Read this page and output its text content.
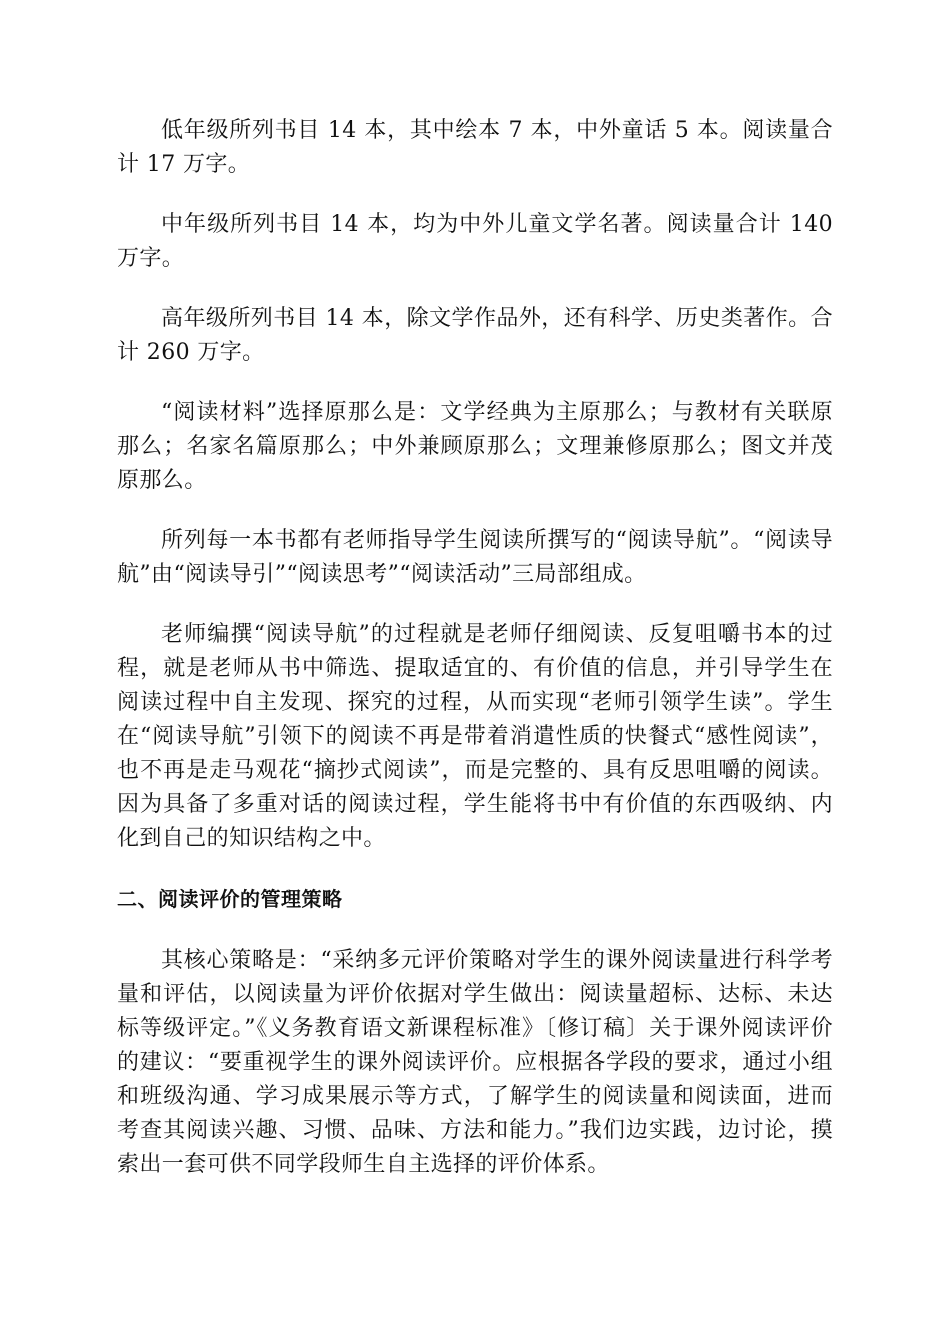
低年级所列书目 14 本，其中绘本 7 本，中外童话 5 本。阅读量合计 17 万字。

中年级所列书目 14 本，均为中外儿童文学名著。阅读量合计 140 万字。

高年级所列书目 14 本，除文学作品外，还有科学、历史类著作。合计 260 万字。

“阅读材料”选择原那么是：文学经典为主原那么；与教材有关联原那么；名家名篇原那么；中外兼顾原那么；文理兼修原那么；图文并茂原那么。

所列每一本书都有老师指导学生阅读所撰写的“阅读导航”。“阅读导航”由“阅读导引”“阅读思考”“阅读活动”三局部组成。

老师编撰“阅读导航”的过程就是老师仔细阅读、反复咀嚼书本的过程，就是老师从书中筛选、提取适宜的、有价值的信息，并引导学生在阅读过程中自主发现、探究的过程，从而实现“老师引领学生读”。学生在“阅读导航”引领下的阅读不再是带着消遣性质的快餐式“感性阅读”，也不再是走马观花“摘抄式阅读”，而是完整的、具有反思咀嚼的阅读。因为具备了多重对话的阅读过程，学生能将书中有价值的东西吸纳、内化到自己的知识结构之中。

二、阅读评价的管理策略

其核心策略是：“采纳多元评价策略对学生的课外阅读量进行科学考量和评估，以阅读量为评价依据对学生做出：阅读量超标、达标、未达标等级评定。”《义务教育语文新课程标准》〔修订稿〕关于课外阅读评价的建议：“要重视学生的课外阅读评价。应根据各学段的要求，通过小组和班级沟通、学习成果展示等方式，了解学生的阅读量和阅读面，进而考查其阅读兴趣、习惯、品味、方法和能力。”我们边实践，边讨论，摸索出一套可供不同学段师生自主选择的评价体系。
